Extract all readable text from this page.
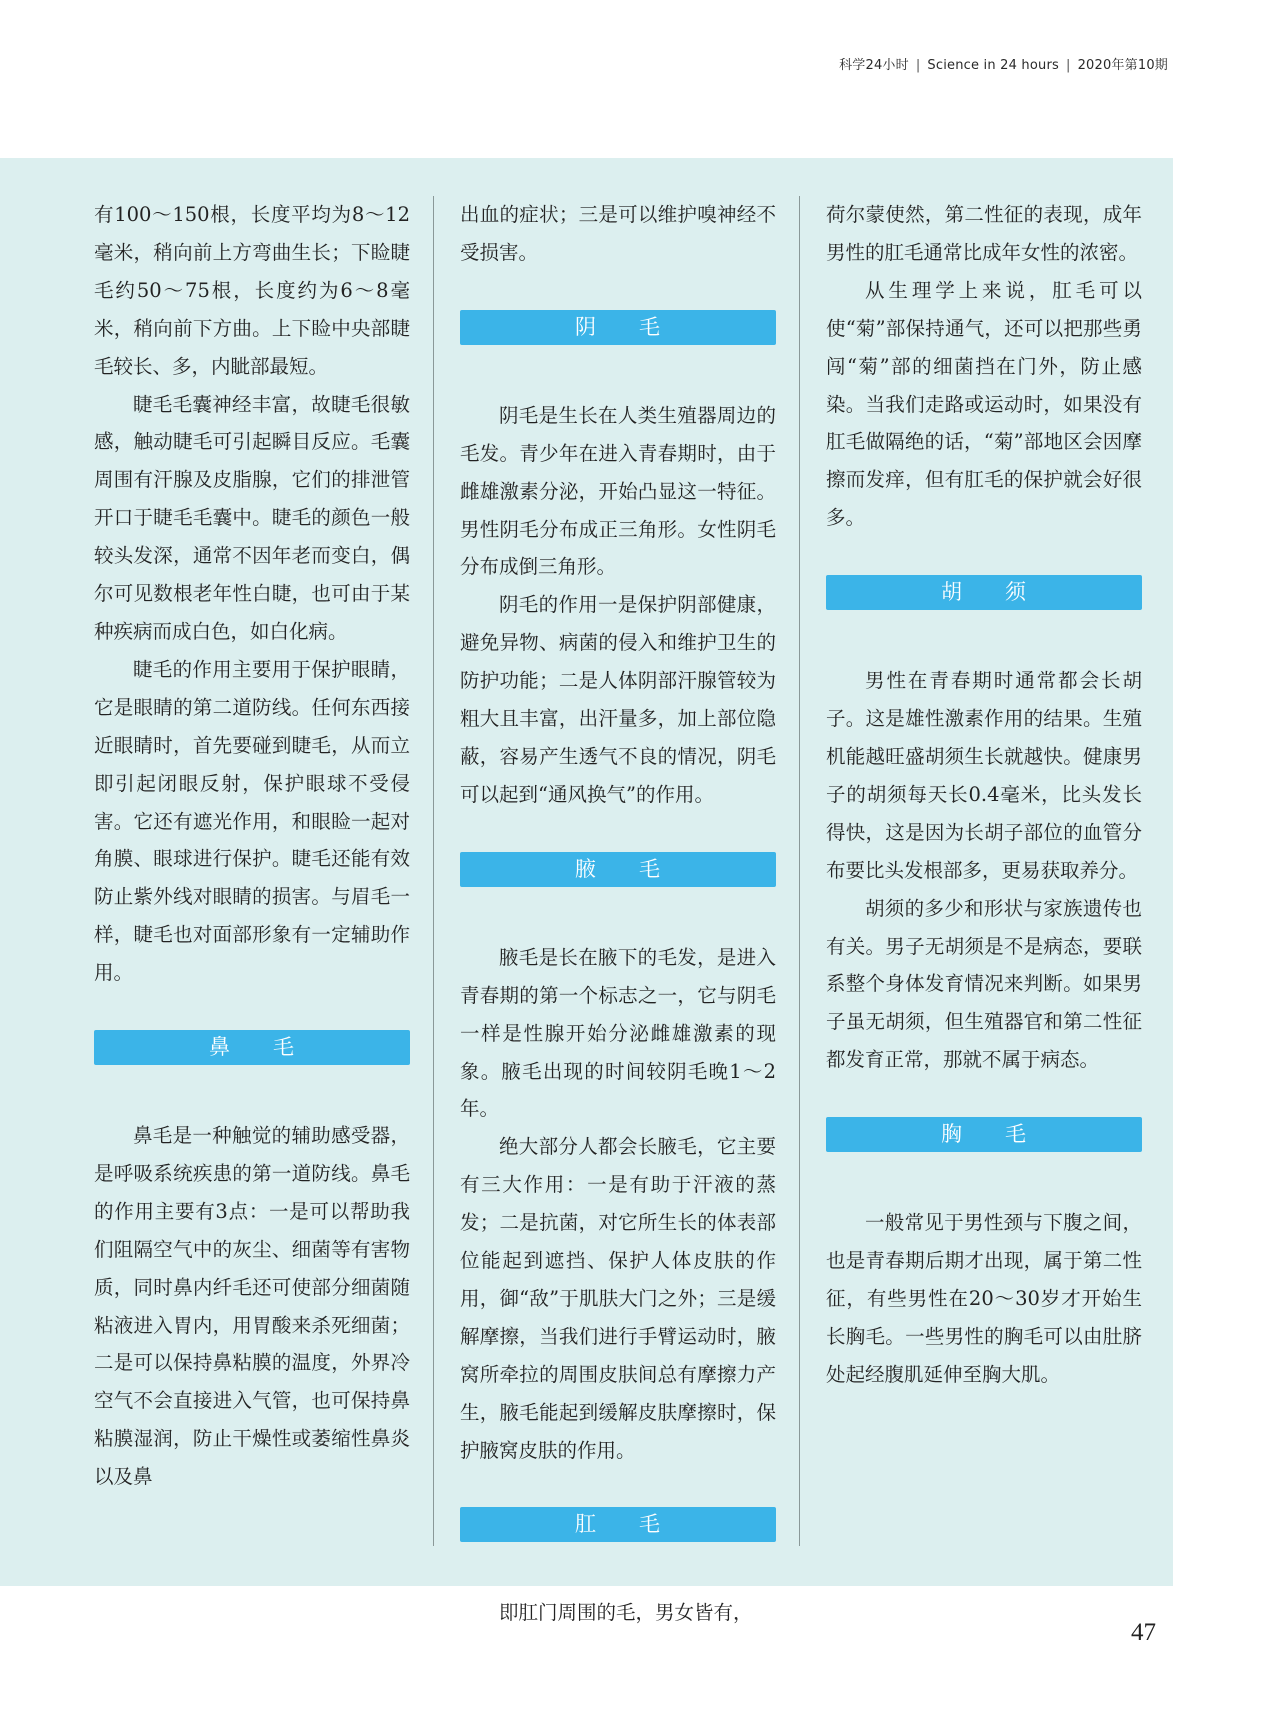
科学24小时 | Science in 24 hours | 2020年第10期

有100～150根，长度平均为8～12毫米，稍向前上方弯曲生长；下睑睫毛约50～75根，长度约为6～8毫米，稍向前下方曲。上下睑中央部睫毛较长、多，内眦部最短。

睫毛毛囊神经丰富，故睫毛很敏感，触动睫毛可引起瞬目反应。毛囊周围有汗腺及皮脂腺，它们的排泄管开口于睫毛毛囊中。睫毛的颜色一般较头发深，通常不因年老而变白，偶尔可见数根老年性白睫，也可由于某种疾病而成白色，如白化病。

睫毛的作用主要用于保护眼睛，它是眼睛的第二道防线。任何东西接近眼睛时，首先要碰到睫毛，从而立即引起闭眼反射，保护眼球不受侵害。它还有遮光作用，和眼睑一起对角膜、眼球进行保护。睫毛还能有效防止紫外线对眼睛的损害。与眉毛一样，睫毛也对面部形象有一定辅助作用。

鼻 毛

鼻毛是一种触觉的辅助感受器，是呼吸系统疾患的第一道防线。鼻毛的作用主要有3点：一是可以帮助我们阻隔空气中的灰尘、细菌等有害物质，同时鼻内纤毛还可使部分细菌随粘液进入胃内，用胃酸来杀死细菌；二是可以保持鼻粘膜的温度，外界冷空气不会直接进入气管，也可保持鼻粘膜湿润，防止干燥性或萎缩性鼻炎以及鼻

出血的症状；三是可以维护嗅神经不受损害。

阴 毛

阴毛是生长在人类生殖器周边的毛发。青少年在进入青春期时，由于雌雄激素分泌，开始凸显这一特征。男性阴毛分布成正三角形。女性阴毛分布成倒三角形。

阴毛的作用一是保护阴部健康，避免异物、病菌的侵入和维护卫生的防护功能；二是人体阴部汗腺管较为粗大且丰富，出汗量多，加上部位隐蔽，容易产生透气不良的情况，阴毛可以起到“通风换气”的作用。

腋 毛

腋毛是长在腋下的毛发，是进入青春期的第一个标志之一，它与阴毛一样是性腺开始分泌雌雄激素的现象。腋毛出现的时间较阴毛晚1～2年。

绝大部分人都会长腋毛，它主要有三大作用：一是有助于汗液的蒸发；二是抗菌，对它所生长的体表部位能起到遮挡、保护人体皮肤的作用，御“敌”于肌肤大门之外；三是缓解摩擦，当我们进行手臂运动时，腋窝所牵拉的周围皮肤间总有摩擦力产生，腋毛能起到缓解皮肤摩擦时，保护腋窝皮肤的作用。

肛 毛

即肛门周围的毛，男女皆有，

荷尔蒙使然，第二性征的表现，成年男性的肛毛通常比成年女性的浓密。

从生理学上来说，肛毛可以使“菊”部保持通气，还可以把那些勇闯“菊”部的细菌挡在门外，防止感染。当我们走路或运动时，如果没有肛毛做隔绝的话，“菊”部地区会因摩擦而发痒，但有肛毛的保护就会好很多。

胡 须

男性在青春期时通常都会长胡子。这是雄性激素作用的结果。生殖机能越旺盛胡须生长就越快。健康男子的胡须每天长0.4毫米，比头发长得快，这是因为长胡子部位的血管分布要比头发根部多，更易获取养分。

胡须的多少和形状与家族遗传也有关。男子无胡须是不是病态，要联系整个身体发育情况来判断。如果男子虽无胡须，但生殖器官和第二性征都发育正常，那就不属于病态。

胸 毛

一般常见于男性颈与下腹之间，也是青春期后期才出现，属于第二性征，有些男性在20～30岁才开始生长胸毛。一些男性的胸毛可以由肚脐处起经腹肌延伸至胸大肌。

47
